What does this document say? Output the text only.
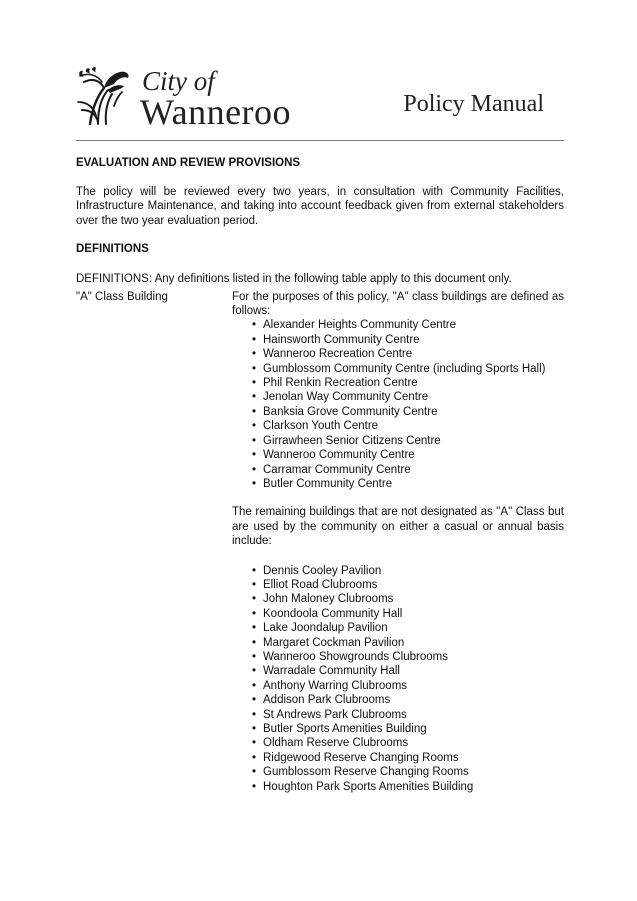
City of
Wanneroo	Policy Manual
EVALUATION AND REVIEW PROVISIONS

The policy will be reviewed every two years, in consultation with Community Facilities, Infrastructure Maintenance, and taking into account feedback given from external stakeholders over the two year evaluation period.

DEFINITIONS
DEFINITIONS: Any definitions listed in the following table apply to this document only.
"A" Class Building	For the purposes of this policy, "A" class buildings are defined as follows:

• Alexander Heights Community Centre
• Hainsworth Community Centre
• Wanneroo Recreation Centre
• Gumblossom Community Centre (including Sports Hall)
• Phil Renkin Recreation Centre
• Jenolan Way Community Centre
• Banksia Grove Community Centre
• Clarkson Youth Centre
• Girrawheen Senior Citizens Centre
• Wanneroo Community Centre
• Carramar Community Centre
• Butler Community Centre

The remaining buildings that are not designated as "A" Class but are used by the community on either a casual or annual basis include:

• Dennis Cooley Pavilion
• Elliot Road Clubrooms
• John Maloney Clubrooms
• Koondoola Community Hall
• Lake Joondalup Pavilion
• Margaret Cockman Pavilion
• Wanneroo Showgrounds Clubrooms
• Warradale Community Hall
• Anthony Warring Clubrooms
• Addison Park Clubrooms
• St Andrews Park Clubrooms
• Butler Sports Amenities Building
• Oldham Reserve Clubrooms
• Ridgewood Reserve Changing Rooms
• Gumblossom Reserve Changing Rooms
• Houghton Park Sports Amenities Building
